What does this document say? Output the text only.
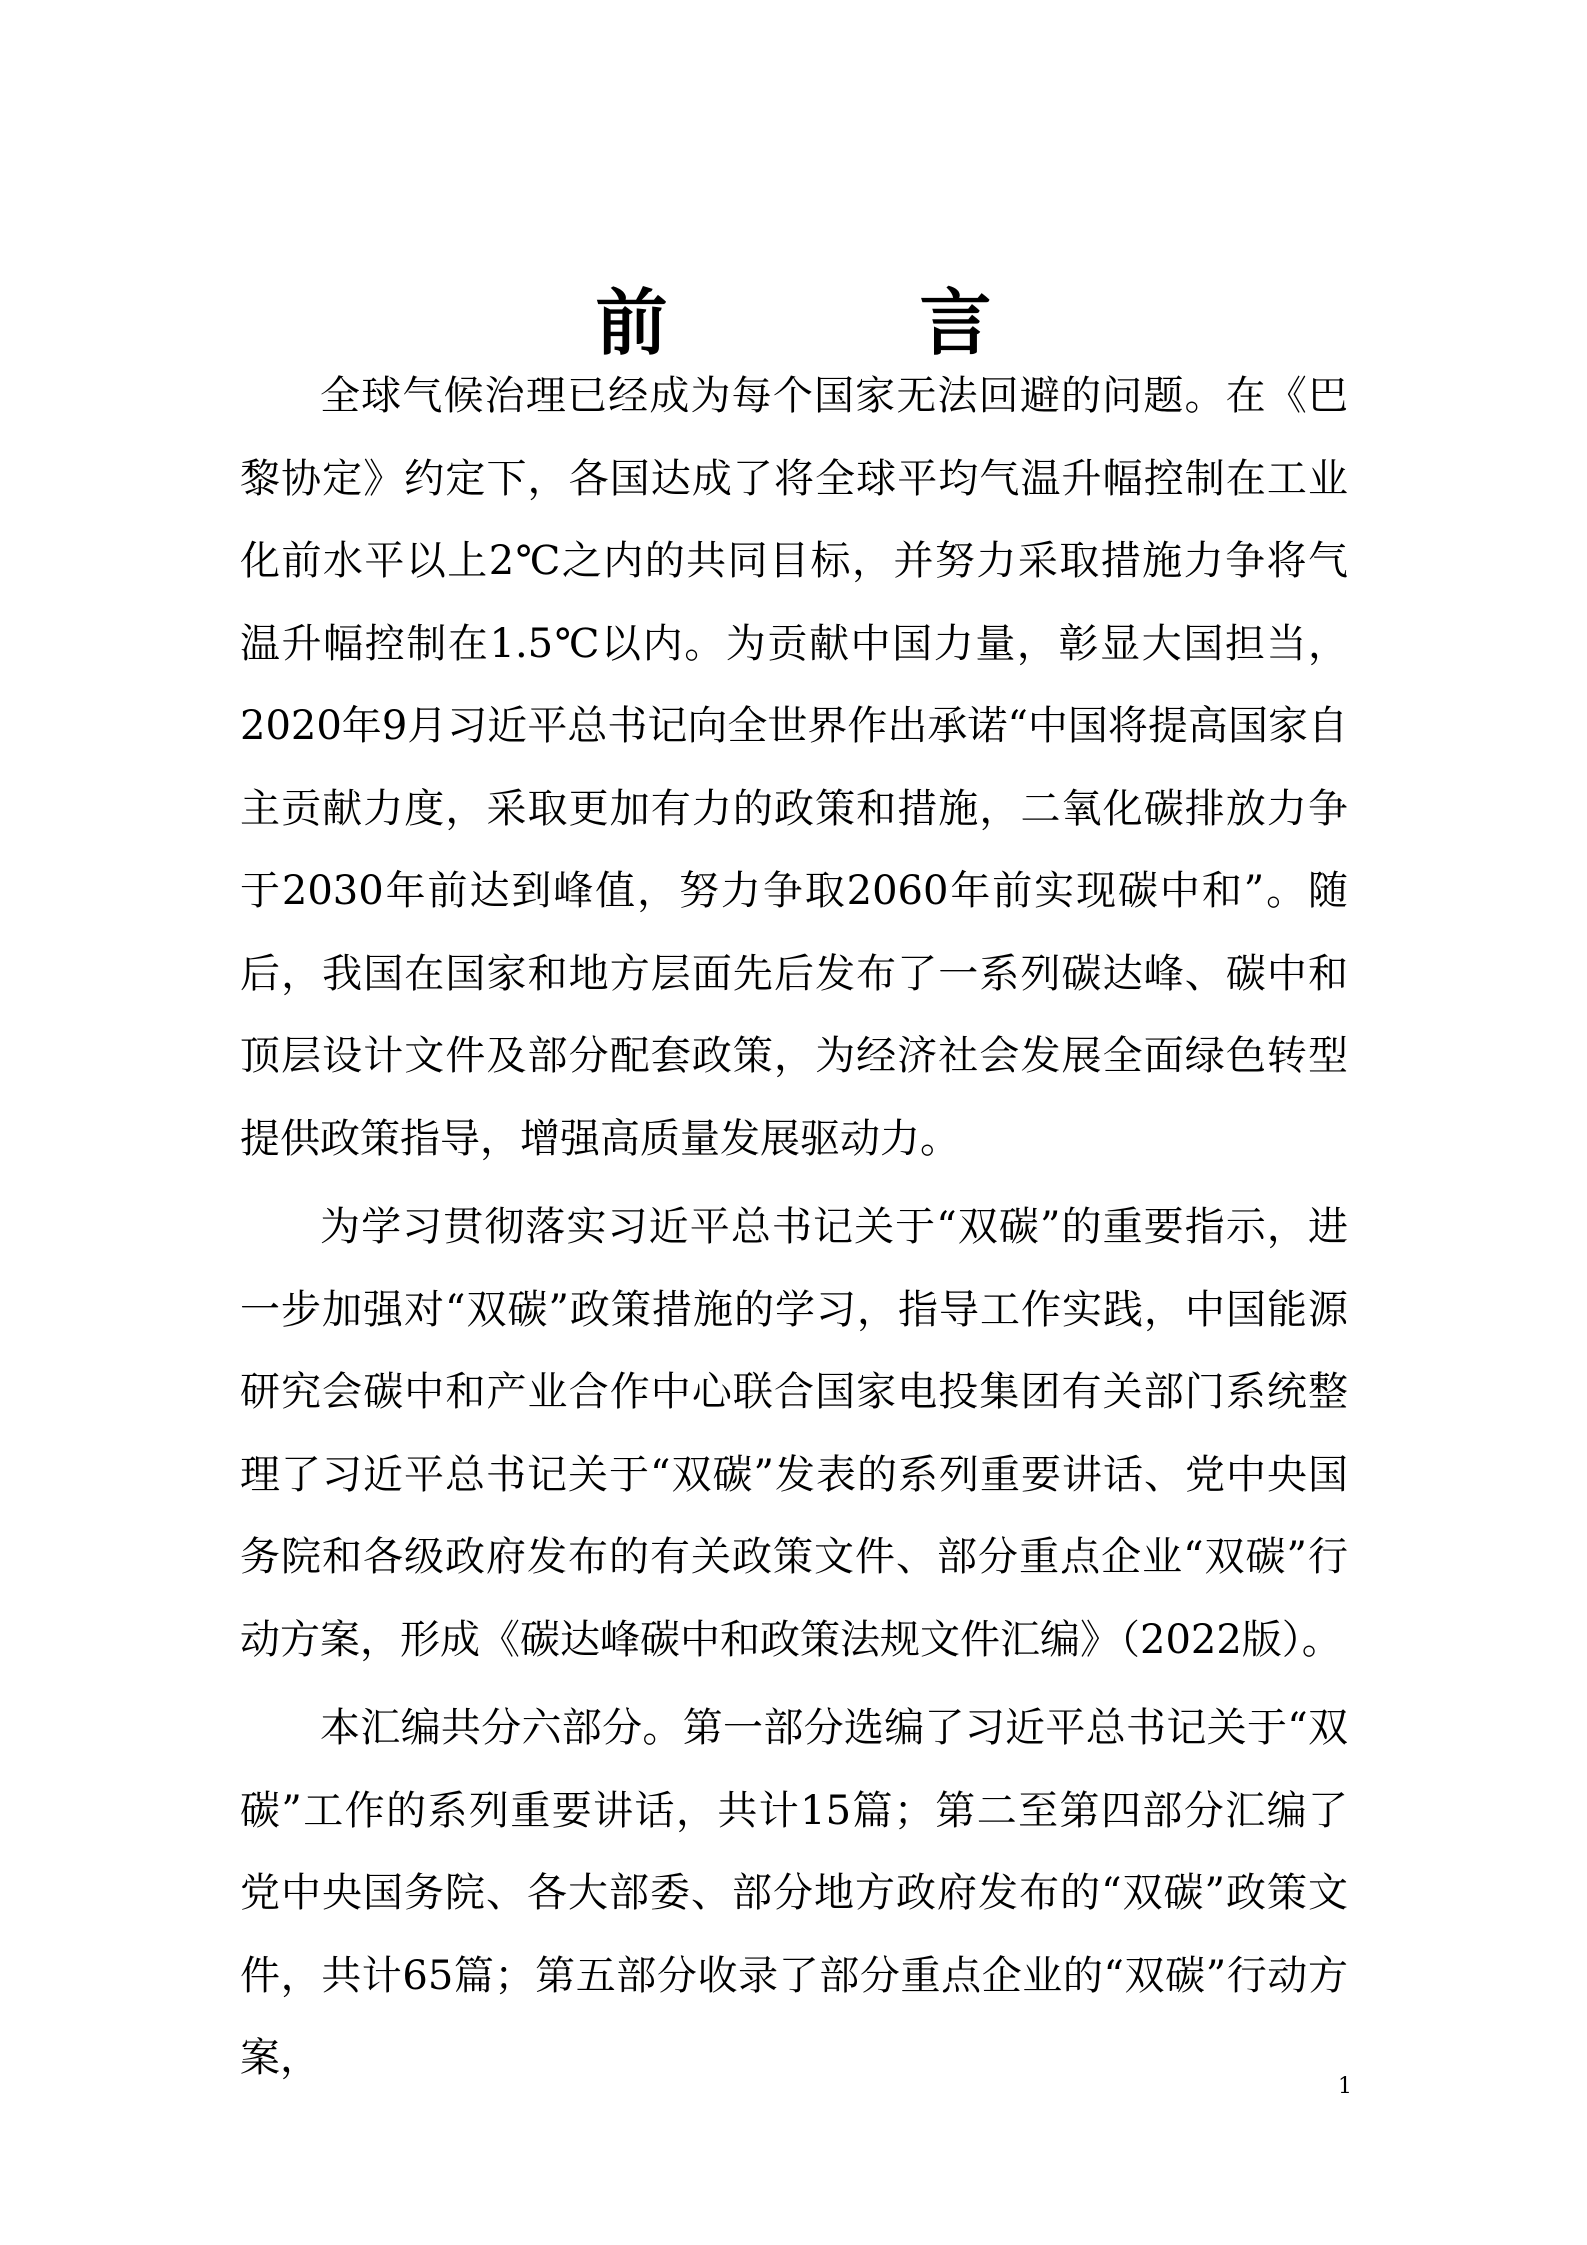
前　言

全球气候治理已经成为每个国家无法回避的问题。在《巴黎协定》约定下，各国达成了将全球平均气温升幅控制在工业化前水平以上2℃之内的共同目标，并努力采取措施力争将气温升幅控制在1.5℃以内。为贡献中国力量，彰显大国担当，2020年9月习近平总书记向全世界作出承诺“中国将提高国家自主贡献力度，采取更加有力的政策和措施，二氧化碳排放力争于2030年前达到峰值，努力争取2060年前实现碳中和”。随后，我国在国家和地方层面先后发布了一系列碳达峰、碳中和顶层设计文件及部分配套政策，为经济社会发展全面绿色转型提供政策指导，增强高质量发展驱动力。

为学习贯彻落实习近平总书记关于“双碳”的重要指示，进一步加强对“双碳”政策措施的学习，指导工作实践，中国能源研究会碳中和产业合作中心联合国家电投集团有关部门系统整理了习近平总书记关于“双碳”发表的系列重要讲话、党中央国务院和各级政府发布的有关政策文件、部分重点企业“双碳”行动方案，形成《碳达峰碳中和政策法规文件汇编》（2022版）。

本汇编共分六部分。第一部分选编了习近平总书记关于“双碳”工作的系列重要讲话，共计15篇；第二至第四部分汇编了党中央国务院、各大部委、部分地方政府发布的“双碳”政策文件，共计65篇；第五部分收录了部分重点企业的“双碳”行动方案，

1
